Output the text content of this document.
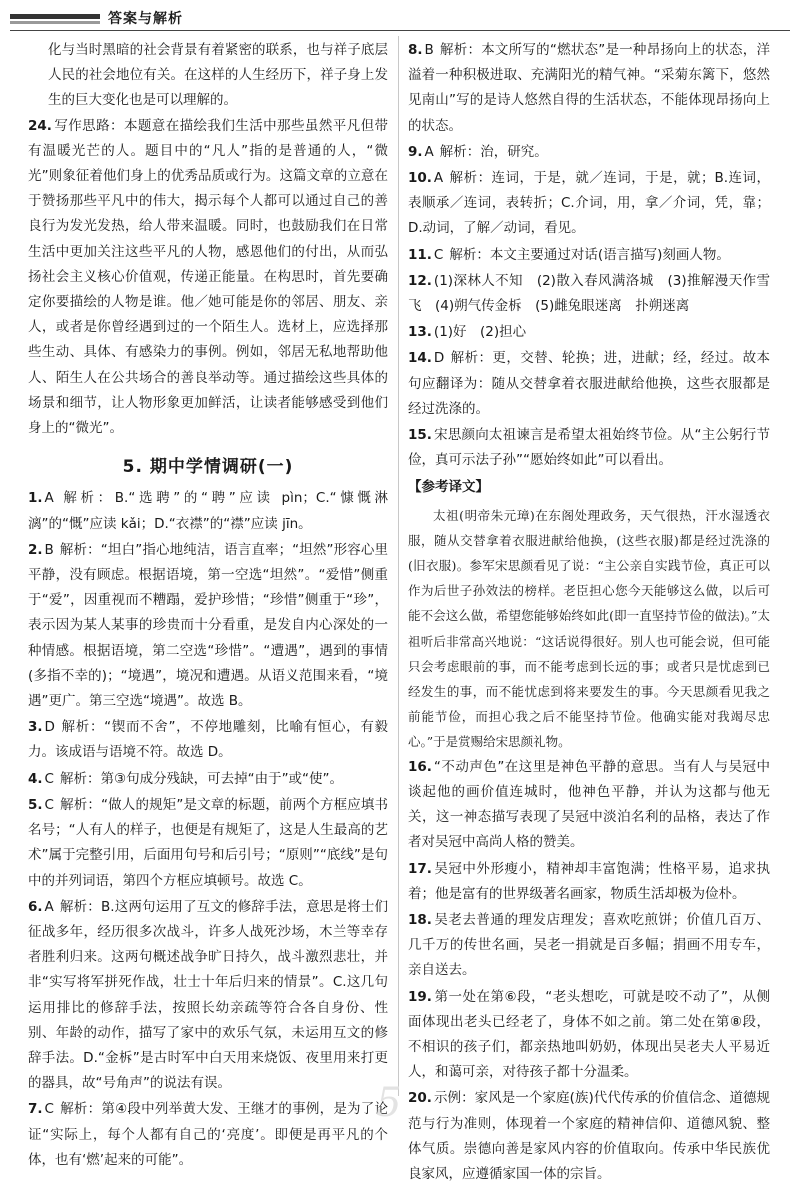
答案与解析
化与当时黑暗的社会背景有着紧密的联系，也与祥子底层人民的社会地位有关。在这样的人生经历下，祥子身上发生的巨大变化也是可以理解的。
24. 写作思路：本题意在描绘我们生活中那些虽然平凡但带有温暖光芒的人。题目中的“凡人”指的是普通的人，“微光”则象征着他们身上的优秀品质或行为。这篇文章的立意在于赞扬那些平凡中的伟大，揭示每个人都可以通过自己的善良行为发光发热，给人带来温暖。同时，也鼓励我们在日常生活中更加关注这些平凡的人物，感恩他们的付出，从而弘扬社会主义核心价值观，传递正能量。在构思时，首先要确定你要描绘的人物是谁。他／她可能是你的邻居、朋友、亲人，或者是你曾经遇到过的一个陌生人。选材上，应选择那些生动、具体、有感染力的事例。例如，邻居无私地帮助他人、陌生人在公共场合的善良举动等。通过描绘这些具体的场景和细节，让人物形象更加鲜活，让读者能够感受到他们身上的“微光”。
5. 期中学情调研(一)
1. A 解析：B.“选聘”的“聘”应读 pìn；C.“慷慨淋漓”的“慨”应读 kǎi；D.“衣襟”的“襟”应读 jīn。
2. B 解析：“坦白”指心地纯洁，语言直率；“坦然”形容心里平静，没有顾虑。根据语境，第一空选“坦然”。“爱惜”侧重于“爱”，因重视而不糟蹋，爱护珍惜；“珍惜”侧重于“珍”，表示因为某人某事的珍贵而十分看重，是发自内心深处的一种情感。根据语境，第二空选“珍惜”。“遭遇”，遇到的事情(多指不幸的)；“境遇”，境况和遭遇。从语义范围来看，“境遇”更广。第三空选“境遇”。故选 B。
3. D 解析：“锲而不舍”，不停地雕刻，比喻有恒心，有毅力。该成语与语境不符。故选 D。
4. C 解析：第③句成分残缺，可去掉“由于”或“使”。
5. C 解析：“做人的规矩”是文章的标题，前两个方框应填书名号；“人有人的样子，也便是有规矩了，这是人生最高的艺术”属于完整引用，后面用句号和后引号；“原则”“底线”是句中的并列词语，第四个方框应填顿号。故选 C。
6. A 解析：B.这两句运用了互文的修辞手法，意思是将士们征战多年，经历很多次战斗，许多人战死沙场，木兰等幸存者胜利归来。这两句概述战争旷日持久，战斗激烈悲壮，并非“实写将军拼死作战，壮士十年后归来的情景”。C.这几句运用排比的修辞手法，按照长幼亲疏等符合各自身份、性别、年龄的动作，描写了家中的欢乐气氛，未运用互文的修辞手法。D.“金柝”是古时军中白天用来烧饭、夜里用来打更的器具，故“号角声”的说法有误。
7. C 解析：第④段中列举黄大发、王继才的事例，是为了论证“实际上，每个人都有自己的‘亮度’。即便是再平凡的个体，也有‘燃’起来的可能”。
8. B 解析：本文所写的“燃状态”是一种昂扬向上的状态，洋溢着一种积极进取、充满阳光的精气神。“采菊东篱下，悠然见南山”写的是诗人悠然自得的生活状态，不能体现昂扬向上的状态。
9. A 解析：治，研究。
10. A 解析：连词，于是，就／连词，于是，就；B.连词，表顺承／连词，表转折；C.介词，用，拿／介词，凭，靠；D.动词，了解／动词，看见。
11. C 解析：本文主要通过对话(语言描写)刻画人物。
12. (1)深林人不知　(2)散入春风满洛城　(3)推解漫天作雪飞　(4)朔气传金柝　(5)雌兔眼迷离　扑朔迷离
13. (1)好　(2)担心
14. D 解析：更，交替、轮换；进，进献；经，经过。故本句应翻译为：随从交替拿着衣服进献给他换，这些衣服都是经过洗涤的。
15. 宋思颜向太祖谏言是希望太祖始终节俭。从“主公躬行节俭，真可示法子孙”“愿始终如此”可以看出。
【参考译文】
太祖(明帝朱元璋)在东阁处理政务，天气很热，汗水湿透衣服，随从交替拿着衣服进献给他换，(这些衣服)都是经过洗涤的(旧衣服)。参军宋思颜看见了说：“主公亲自实践节俭，真正可以作为后世子孙效法的榜样。老臣担心您今天能够这么做，以后可能不会这么做，希望您能够始终如此(即一直坚持节俭的做法)。”太祖听后非常高兴地说：“这话说得很好。别人也可能会说，但可能只会考虑眼前的事，而不能考虑到长远的事；或者只是忧虑到已经发生的事，而不能忧虑到将来要发生的事。今天思颜看见我之前能节俭，而担心我之后不能坚持节俭。他确实能对我竭尽忠心。”于是赏赐给宋思颜礼物。
16. “不动声色”在这里是神色平静的意思。当有人与吴冠中谈起他的画价值连城时，他神色平静，并认为这都与他无关，这一神态描写表现了吴冠中淡泊名利的品格，表达了作者对吴冠中高尚人格的赞美。
17. 吴冠中外形瘦小，精神却丰富饱满；性格平易，追求执着；他是富有的世界级著名画家，物质生活却极为俭朴。
18. 吴老去普通的理发店理发；喜欢吃煎饼；价值几百万、几千万的传世名画，吴老一捐就是百多幅；捐画不用专车，亲自送去。
19. 第一处在第⑥段，“老头想吃，可就是咬不动了”，从侧面体现出老头已经老了，身体不如之前。第二处在第⑧段，不相识的孩子们，都亲热地叫奶奶，体现出吴老夫人平易近人，和蔼可亲，对待孩子都十分温柔。
20. 示例：家风是一个家庭(族)代代传承的价值信念、道德规范与行为准则，体现着一个家庭的精神信仰、道德风貌、整体气质。崇德向善是家风内容的价值取向。传承中华民族优良家风，应遵循家国一体的宗旨。
5
